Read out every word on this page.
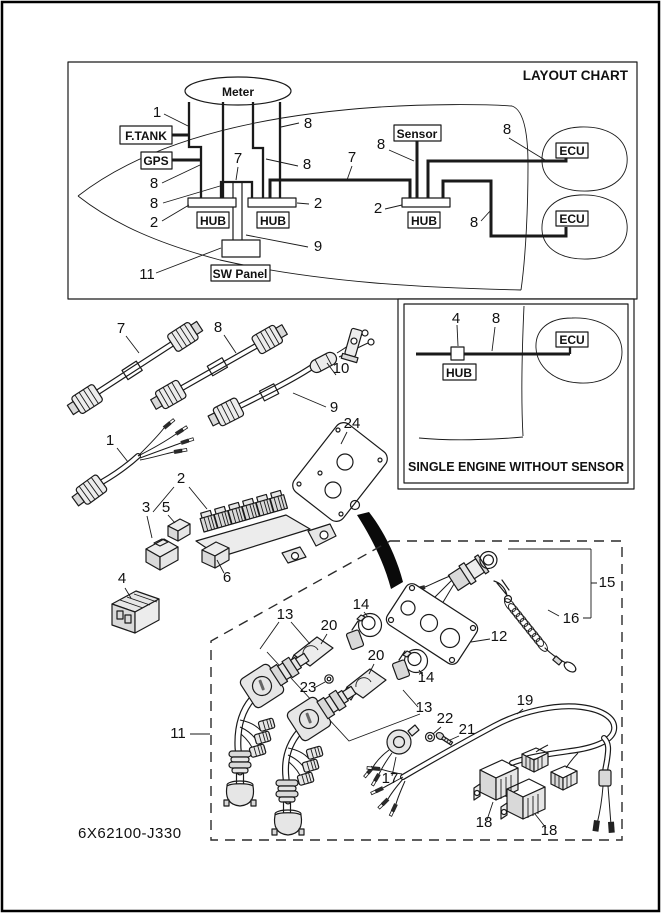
LAYOUT CHART
Meter
F.TANK
GPS
HUB	HUB	HUB
SW Panel
Sensor
ECU
ECU
1
8
7	8
8
8
2
2
7
8
8
2
8
9
11
HUB
ECU
4 8
SINGLE ENGINE WITHOUT SENSOR
7	8
10
9
1
24
2
3 5
6
4	15
16
12
13
14
20
23
20
14
13
11
17
22
21
19
18	18
6X62100-J330
